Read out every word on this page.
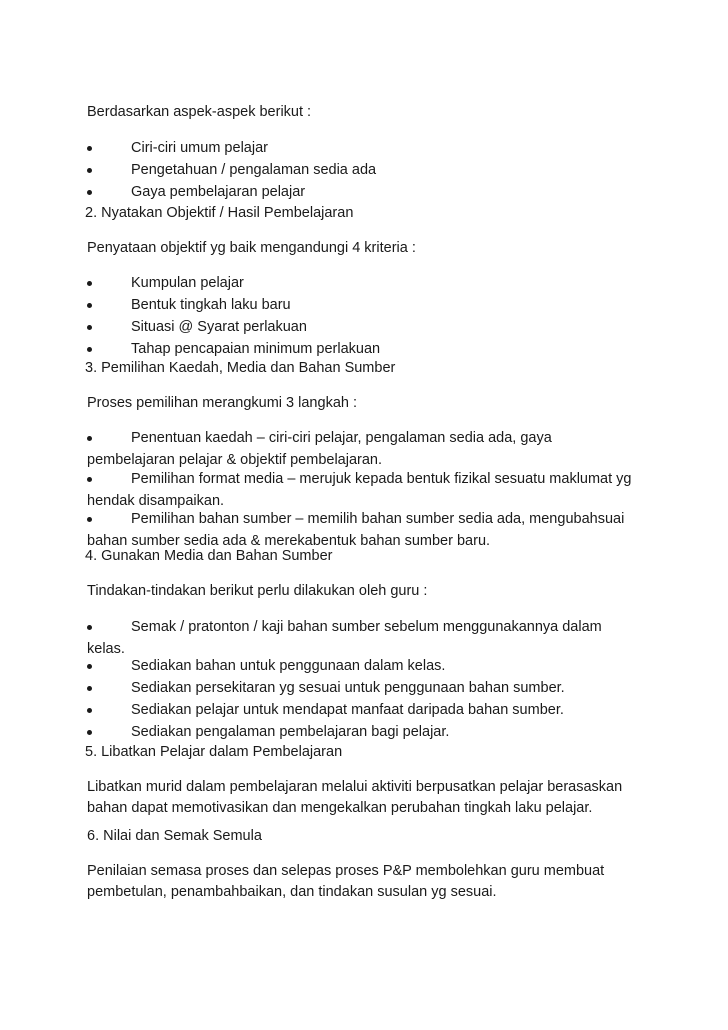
Berdasarkan aspek-aspek berikut :
Ciri-ciri umum pelajar
Pengetahuan / pengalaman sedia ada
Gaya pembelajaran pelajar
2. Nyatakan Objektif / Hasil Pembelajaran
Penyataan objektif yg baik mengandungi 4 kriteria :
Kumpulan pelajar
Bentuk tingkah laku baru
Situasi @ Syarat perlakuan
Tahap pencapaian minimum perlakuan
3. Pemilihan Kaedah, Media dan Bahan Sumber
Proses pemilihan merangkumi 3 langkah :
Penentuan kaedah – ciri-ciri pelajar, pengalaman sedia ada, gaya
pembelajaran pelajar & objektif pembelajaran.
Pemilihan format media – merujuk kepada bentuk fizikal sesuatu maklumat yg
hendak disampaikan.
Pemilihan bahan sumber – memilih bahan sumber sedia ada, mengubahsuai
bahan sumber sedia ada & merekabentuk bahan sumber baru.
4. Gunakan Media dan Bahan Sumber
Tindakan-tindakan berikut perlu dilakukan oleh guru :
Semak / pratonton / kaji bahan sumber sebelum menggunakannya dalam
kelas.
Sediakan bahan untuk penggunaan dalam kelas.
Sediakan persekitaran yg sesuai untuk penggunaan bahan sumber.
Sediakan pelajar untuk mendapat manfaat daripada bahan sumber.
Sediakan pengalaman pembelajaran bagi pelajar.
5. Libatkan Pelajar dalam Pembelajaran
Libatkan murid dalam pembelajaran melalui aktiviti berpusatkan pelajar berasaskan
bahan dapat memotivasikan dan mengekalkan perubahan tingkah laku pelajar.
6. Nilai dan Semak Semula
Penilaian semasa proses dan selepas proses P&P membolehkan guru membuat
pembetulan, penambahbaikan, dan tindakan susulan yg sesuai.
